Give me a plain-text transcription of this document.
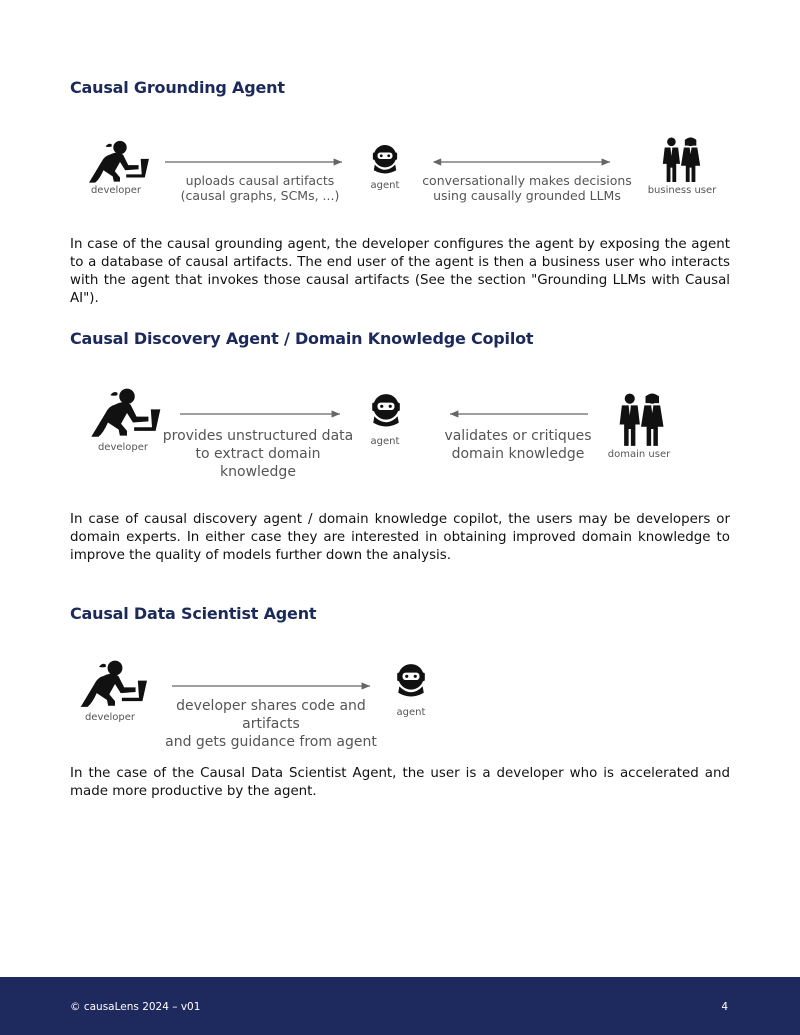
Causal Grounding Agent
developer
uploads causal artifacts
(causal graphs, SCMs, ...)
agent	conversationally makes decisions
using causally grounded LLMs	business user

In case of the causal grounding agent, the developer configures the agent by exposing the agent to a database of causal artifacts. The end user of the agent is then a business user who interacts with the agent that invokes those causal artifacts (See the section "Grounding LLMs with Causal AI").

Causal Discovery Agent / Domain Knowledge Copilot
developer
provides unstructured data
to extract domain
knowledge
agent	validates or critiques
domain knowledge	domain user

In case of causal discovery agent / domain knowledge copilot, the users may be developers or domain experts. In either case they are interested in obtaining improved domain knowledge to improve the quality of models further down the analysis.

Causal Data Scientist Agent
developer
developer shares code and artifacts
and gets guidance from agent
agent

In the case of the Causal Data Scientist Agent, the user is a developer who is accelerated and made more productive by the agent.

© causaLens 2024 – v01	4
